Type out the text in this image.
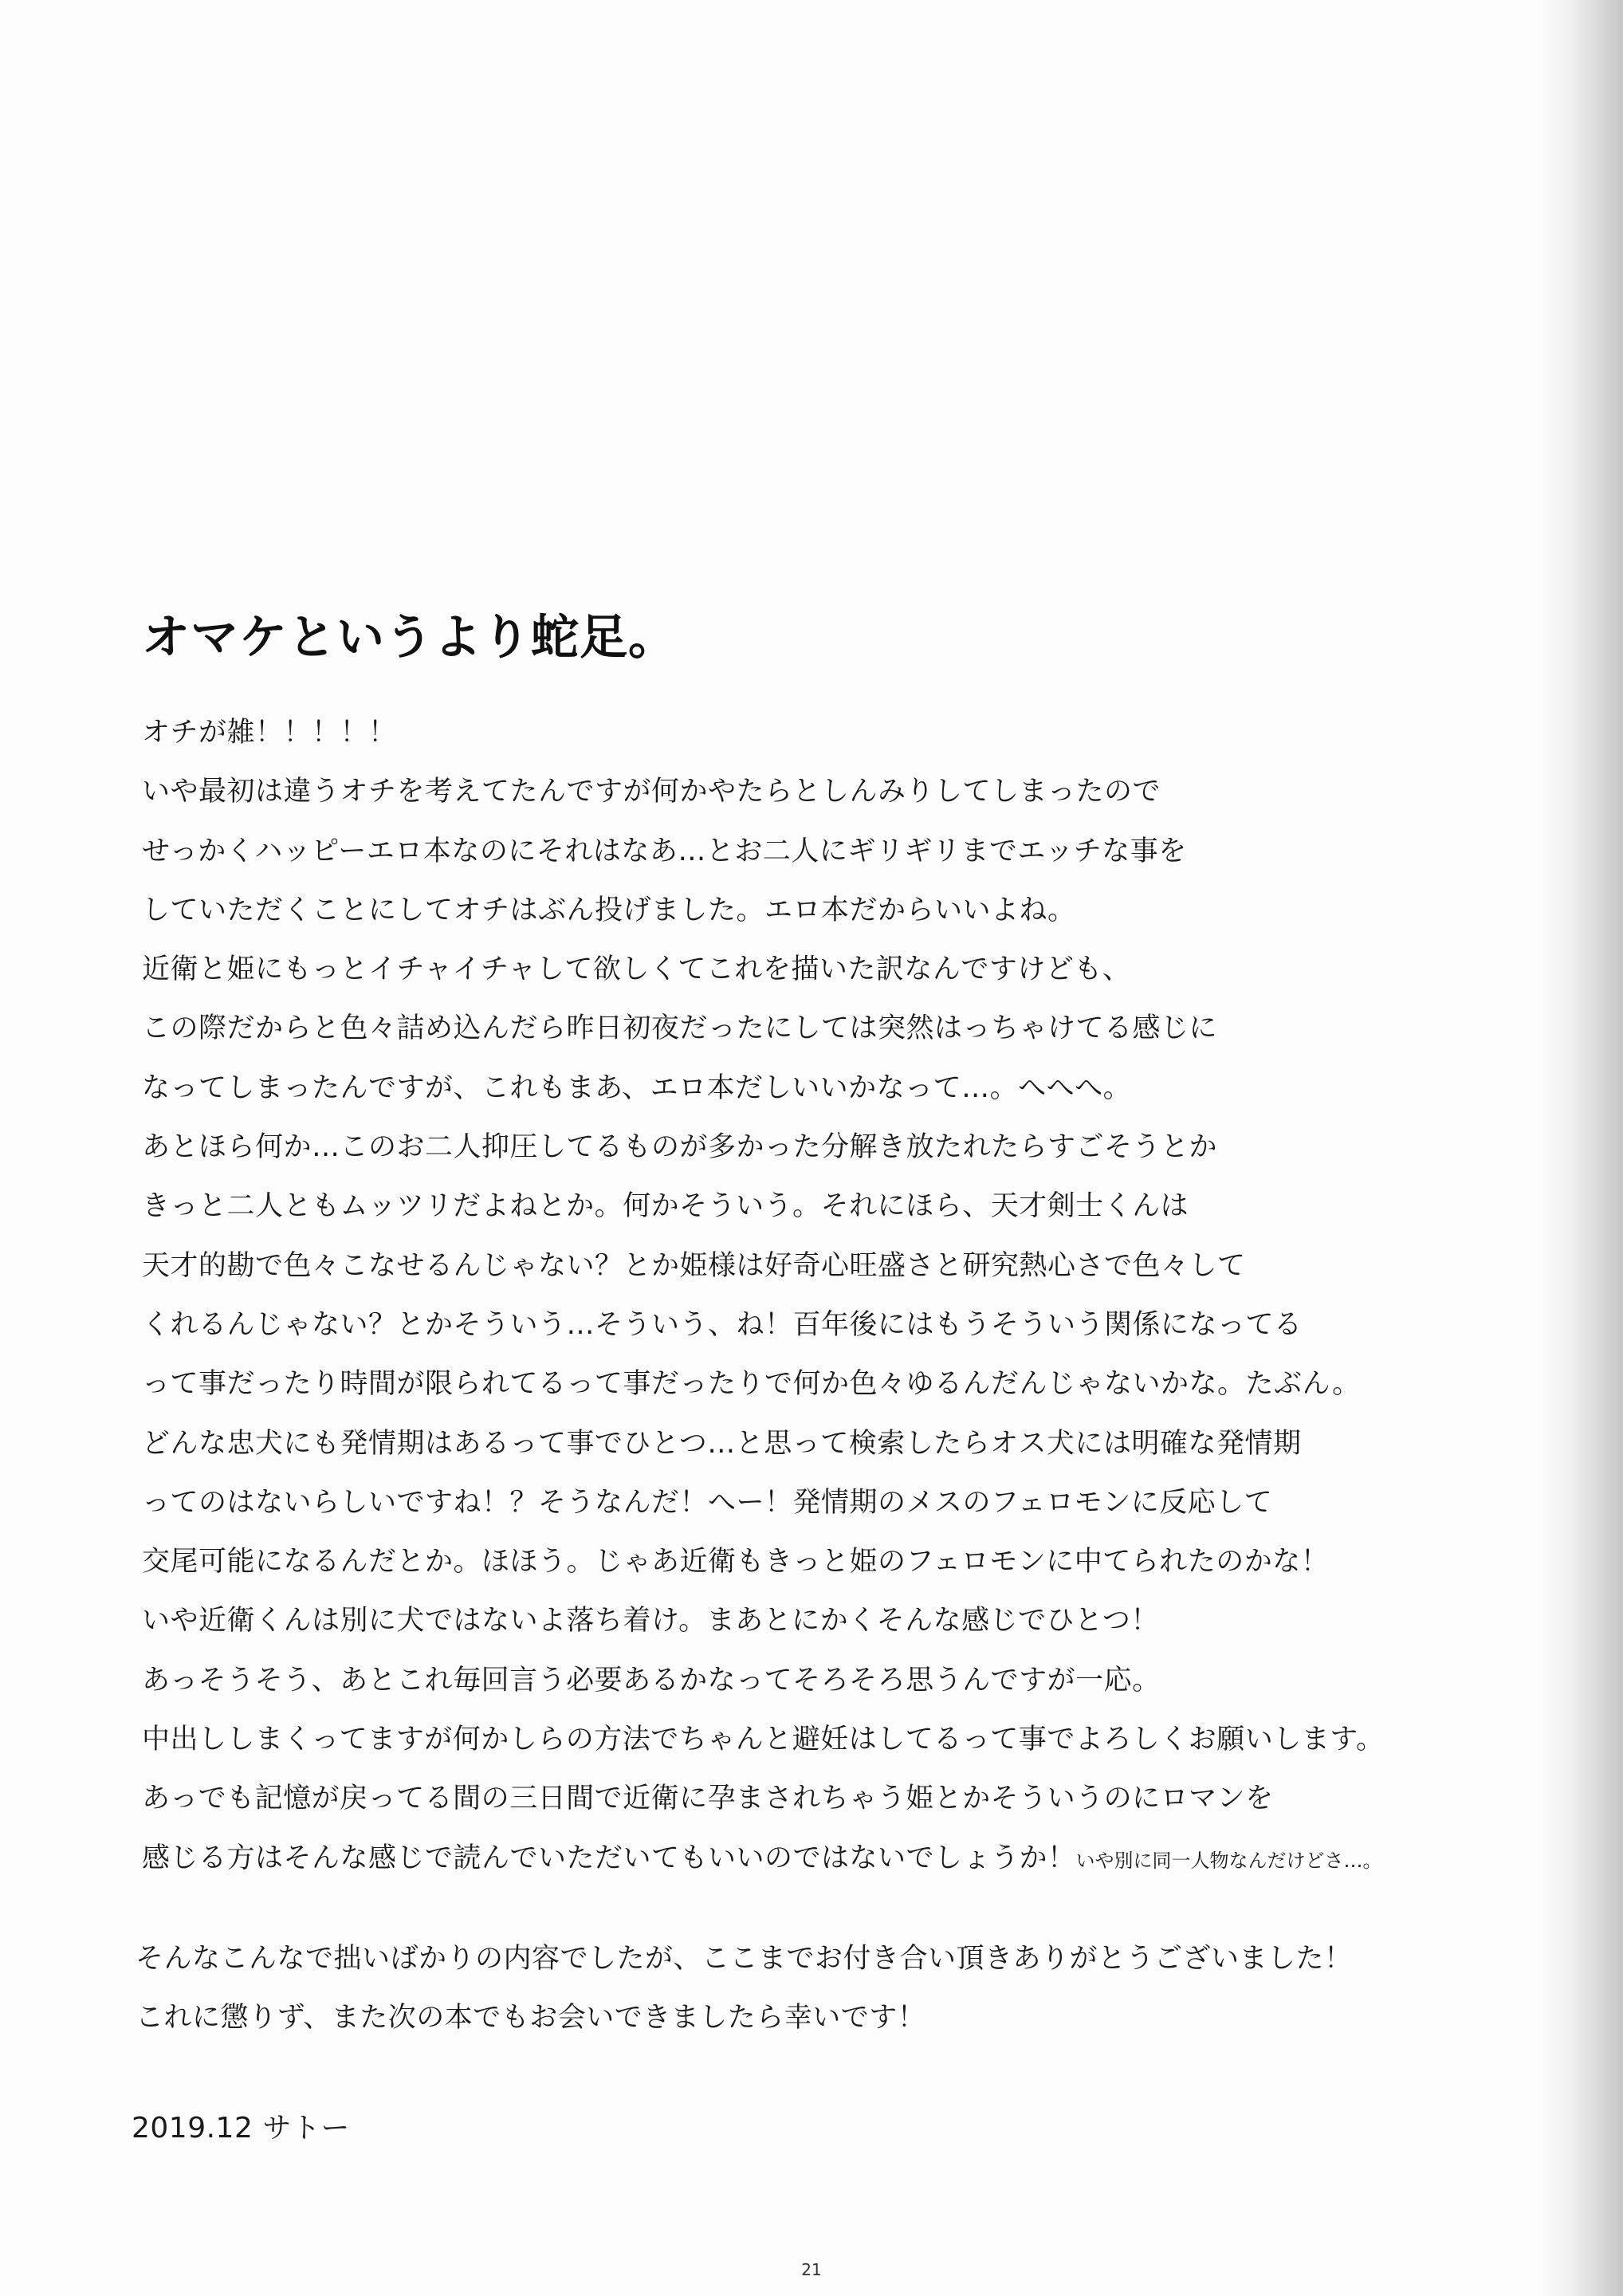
オマケというより蛇足。
オチが雑！！！！！
いや最初は違うオチを考えてたんですが何かやたらとしんみりしてしまったので
せっかくハッピーエロ本なのにそれはなあ…とお二人にギリギリまでエッチな事を
していただくことにしてオチはぶん投げました。エロ本だからいいよね。
近衛と姫にもっとイチャイチャして欲しくてこれを描いた訳なんですけども、
この際だからと色々詰め込んだら昨日初夜だったにしては突然はっちゃけてる感じに
なってしまったんですが、これもまあ、エロ本だしいいかなって…。へへへ。
あとほら何か…このお二人抑圧してるものが多かった分解き放たれたらすごそうとか
きっと二人ともムッツリだよねとか。何かそういう。それにほら、天才剣士くんは
天才的勘で色々こなせるんじゃない？とか姫様は好奇心旺盛さと研究熱心さで色々して
くれるんじゃない？とかそういう…そういう、ね！百年後にはもうそういう関係になってる
って事だったり時間が限られてるって事だったりで何か色々ゆるんだんじゃないかな。たぶん。
どんな忠犬にも発情期はあるって事でひとつ…と思って検索したらオス犬には明確な発情期
ってのはないらしいですね！？そうなんだ！へー！発情期のメスのフェロモンに反応して
交尾可能になるんだとか。ほほう。じゃあ近衛もきっと姫のフェロモンに中てられたのかな！
いや近衛くんは別に犬ではないよ落ち着け。まあとにかくそんな感じでひとつ！
あっそうそう、あとこれ毎回言う必要あるかなってそろそろ思うんですが一応。
中出ししまくってますが何かしらの方法でちゃんと避妊はしてるって事でよろしくお願いします。
あっでも記憶が戻ってる間の三日間で近衛に孕まされちゃう姫とかそういうのにロマンを
感じる方はそんな感じで読んでいただいてもいいのではないでしょうか！いや別に同一人物なんだけどさ…。
そんなこんなで拙いばかりの内容でしたが、ここまでお付き合い頂きありがとうございました！
これに懲りず、また次の本でもお会いできましたら幸いです！
2019.12 サトー
21
